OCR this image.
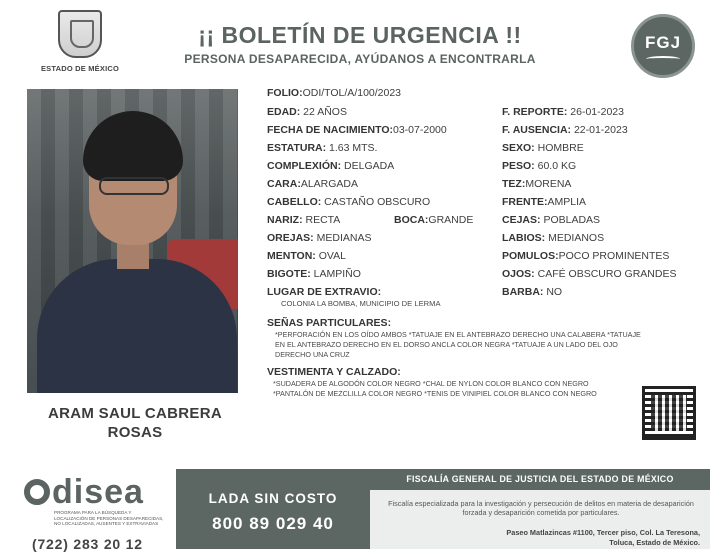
ESTADO DE MÉXICO
¡¡ BOLETÍN DE URGENCIA !!
PERSONA DESAPARECIDA, AYÚDANOS A ENCONTRARLA
FGJ
ARAM SAUL CABRERA
ROSAS
FOLIO:ODI/TOL/A/100/2023
EDAD: 22 AÑOS
FECHA DE NACIMIENTO:03-07-2000
ESTATURA: 1.63 MTS.
COMPLEXIÓN: DELGADA
CARA:ALARGADA
CABELLO: CASTAÑO OBSCURO
NARIZ: RECTA	BOCA:GRANDE
OREJAS: MEDIANAS
MENTON: OVAL
BIGOTE: LAMPIÑO
LUGAR DE EXTRAVIO:
COLONIA LA BOMBA, MUNICIPIO DE LERMA
F. REPORTE: 26-01-2023
F. AUSENCIA: 22-01-2023
SEXO: HOMBRE
PESO: 60.0 KG
TEZ:MORENA
FRENTE:AMPLIA
CEJAS: POBLADAS
LABIOS: MEDIANOS
POMULOS:POCO PROMINENTES
OJOS: CAFÉ OBSCURO GRANDES
BARBA: NO
SEÑAS PARTICULARES:
*PERFORACIÓN EN LOS OÍDO AMBOS *TATUAJE EN EL ANTEBRAZO DERECHO UNA CALABERA *TATUAJE
EN EL ANTEBRAZO DERECHO EN EL DORSO ANCLA COLOR NEGRA *TATUAJE A UN LADO DEL OJO
DERECHO UNA CRUZ
VESTIMENTA Y CALZADO:
*SUDADERA DE ALGODÓN COLOR NEGRO *CHAL DE NYLON COLOR BLANCO CON NEGRO
*PANTALÓN DE MEZCLILLA COLOR NEGRO *TENIS DE VINIPIEL COLOR BLANCO CON NEGRO
disea
PROGRAMA PARA LA BÚSQUEDA Y LOCALIZACIÓN DE PERSONAS DESAPARECIDAS, NO LOCALIZADAS, AUSENTES Y EXTRAVIADAS
(722) 283 20 12
LADA SIN COSTO
800 89 029 40
FISCALÍA GENERAL DE JUSTICIA DEL ESTADO DE MÉXICO
Fiscalía especializada para la investigación y persecución de delitos en materia de desaparición forzada y desaparición cometida por particulares.
Paseo Matlazincas #1100, Tercer piso, Col. La Teresona,
Toluca, Estado de México.
